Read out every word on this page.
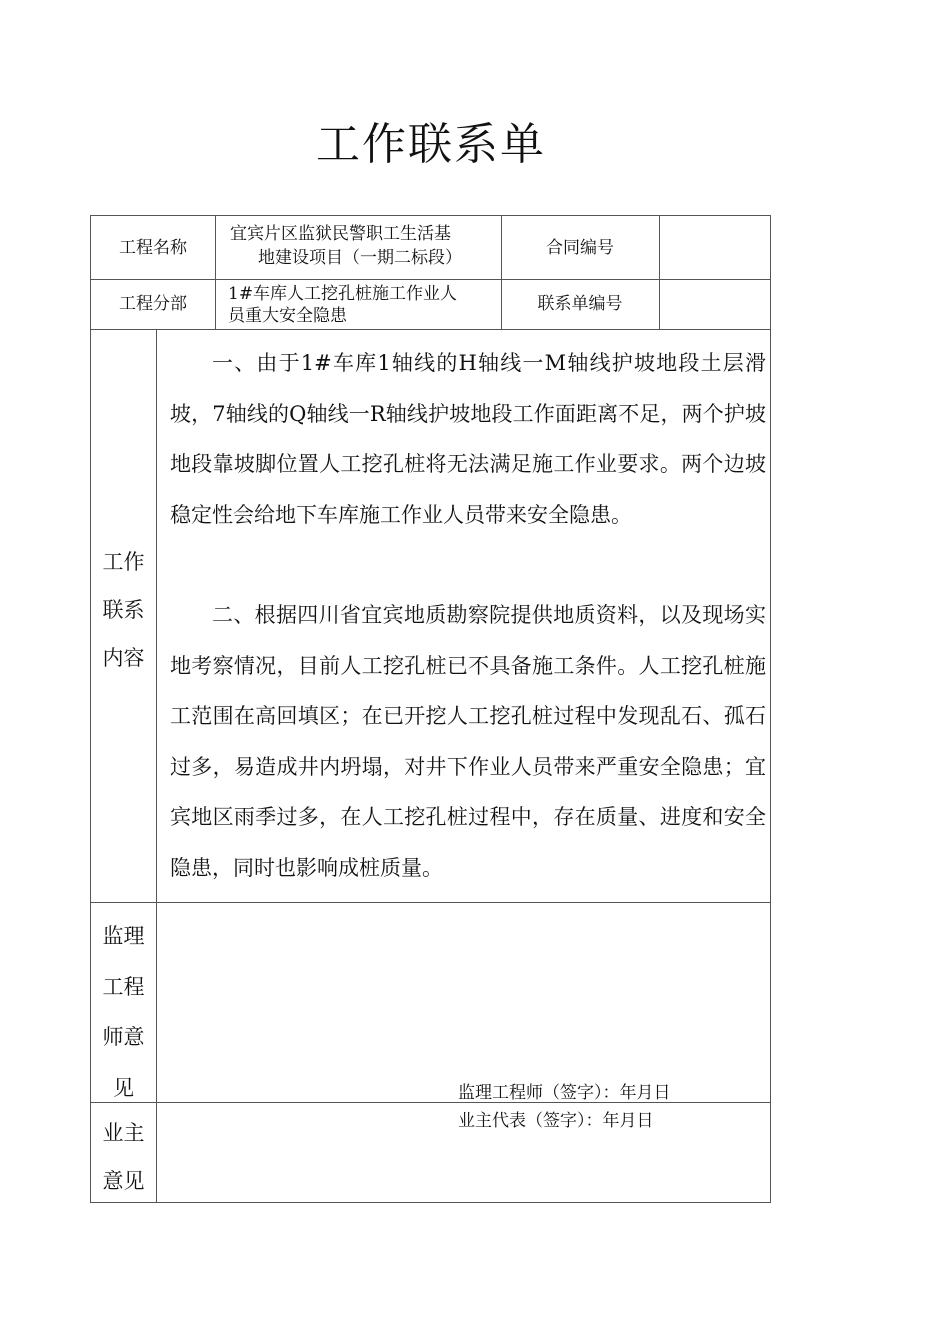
工作联系单
工程名称
宜宾片区监狱民警职工生活基
地建设项目（一期二标段）
合同编号
工程分部	1#车库人工挖孔桩施工作业人
员重大安全隐患
联系单编号
工作
联系
内容
一、由于1#车库1轴线的H轴线一M轴线护坡地段土层滑坡，7轴线的Q轴线一R轴线护坡地段工作面距离不足，两个护坡地段靠坡脚位置人工挖孔桩将无法满足施工作业要求。两个边坡稳定性会给地下车库施工作业人员带来安全隐患。
二、根据四川省宜宾地质勘察院提供地质资料，以及现场实地考察情况，目前人工挖孔桩已不具备施工条件。人工挖孔桩施工范围在高回填区；在已开挖人工挖孔桩过程中发现乱石、孤石过多，易造成井内坍塌，对井下作业人员带来严重安全隐患；宜宾地区雨季过多，在人工挖孔桩过程中，存在质量、进度和安全隐患，同时也影响成桩质量。
监理
工程
师意
见	监理工程师（签字）：年月日
业主
意见
业主代表（签字）：年月日
